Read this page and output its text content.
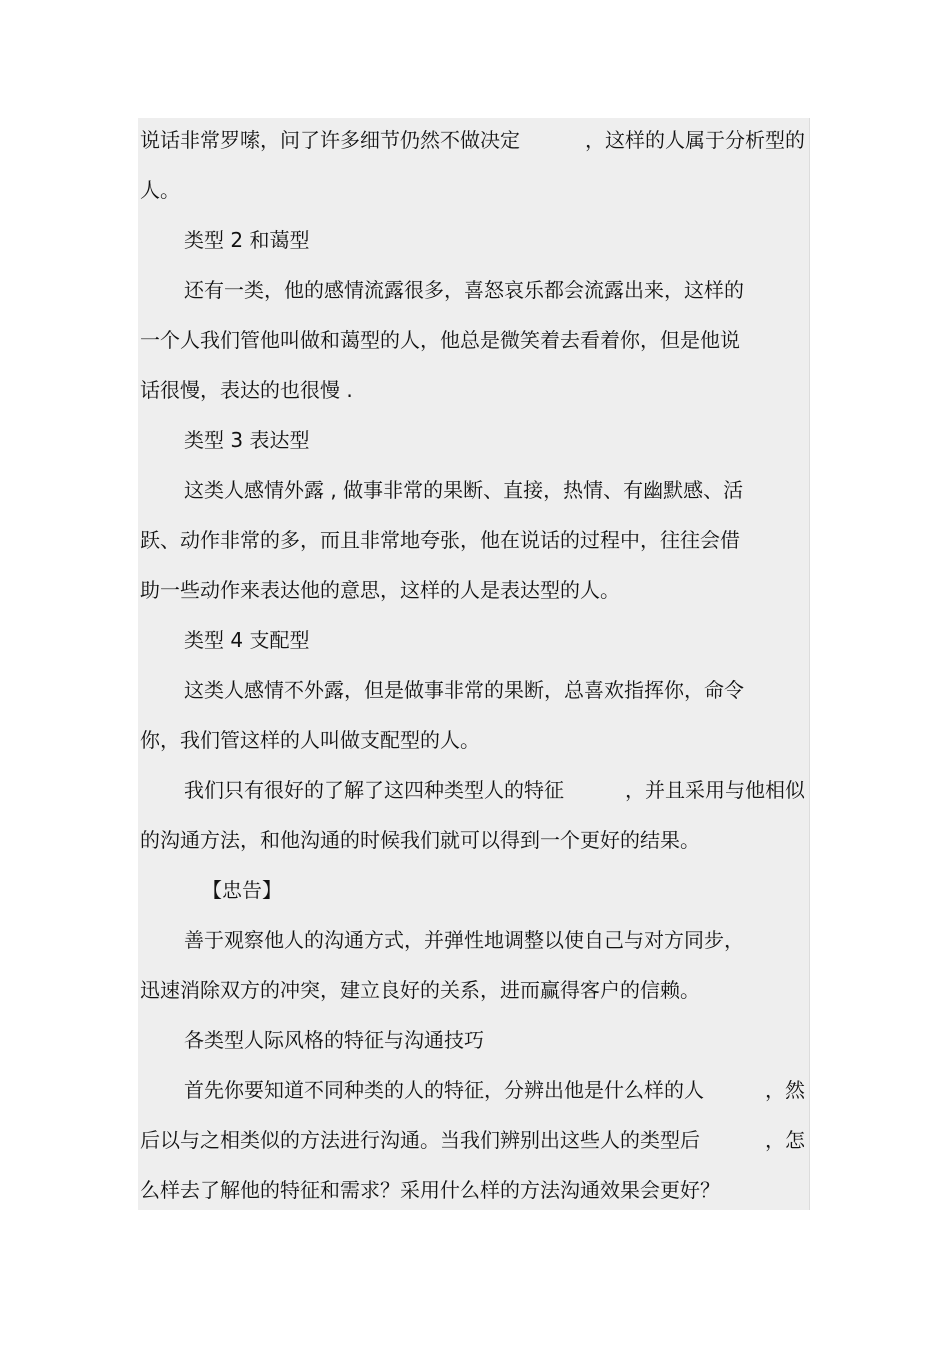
说话非常罗嗦，问了许多细节仍然不做决定	，这样的人属于分析型的
人。
类型 2 和蔼型
还有一类，他的感情流露很多，喜怒哀乐都会流露出来，这样的
一个人我们管他叫做和蔼型的人，他总是微笑着去看着你，但是他说
话很慢，表达的也很慢 .
类型 3 表达型
这类人感情外露 , 做事非常的果断、直接，热情、有幽默感、活
跃、动作非常的多，而且非常地夸张，他在说话的过程中，往往会借
助一些动作来表达他的意思，这样的人是表达型的人。
类型 4 支配型
这类人感情不外露，但是做事非常的果断，总喜欢指挥你，命令
你，我们管这样的人叫做支配型的人。
我们只有很好的了解了这四种类型人的特征	，并且采用与他相似
的沟通方法，和他沟通的时候我们就可以得到一个更好的结果。
【忠告】
善于观察他人的沟通方式，并弹性地调整以使自己与对方同步，
迅速消除双方的冲突，建立良好的关系，进而赢得客户的信赖。
各类型人际风格的特征与沟通技巧
首先你要知道不同种类的人的特征，分辨出他是什么样的人	，然
后以与之相类似的方法进行沟通。当我们辨别出这些人的类型后	，怎
么样去了解他的特征和需求？采用什么样的方法沟通效果会更好？
